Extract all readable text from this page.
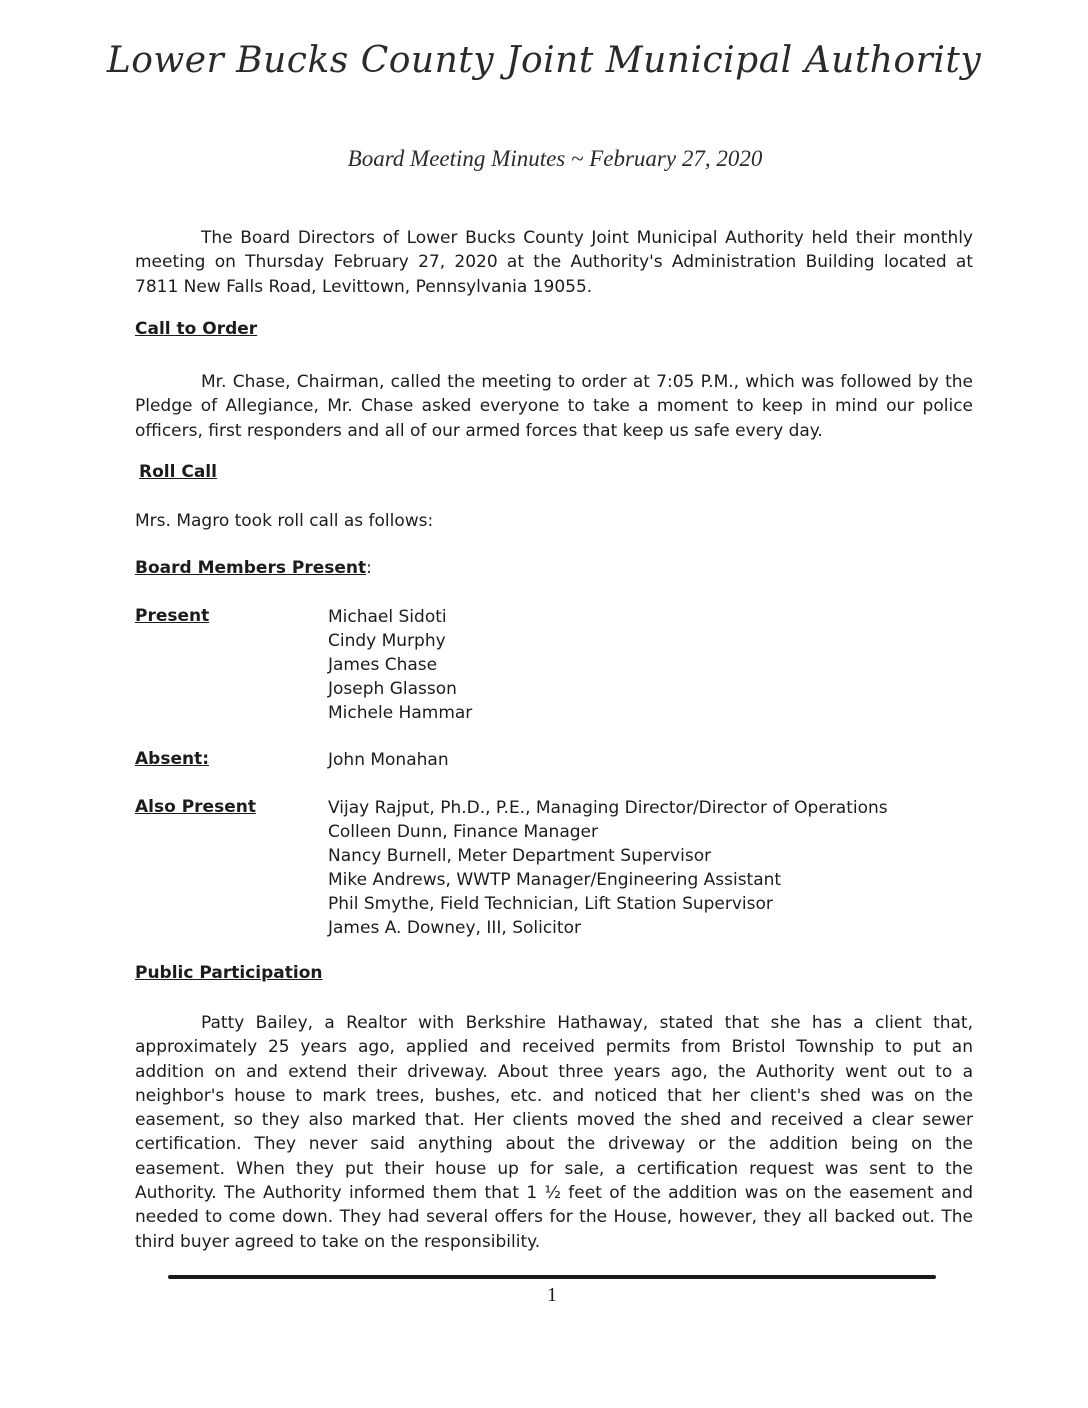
Lower Bucks County Joint Municipal Authority
Board Meeting Minutes ~ February 27, 2020

The Board Directors of Lower Bucks County Joint Municipal Authority held their monthly meeting on Thursday February 27, 2020 at the Authority's Administration Building located at 7811 New Falls Road, Levittown, Pennsylvania 19055.

Call to Order

Mr. Chase, Chairman, called the meeting to order at 7:05 P.M., which was followed by the Pledge of Allegiance, Mr. Chase asked everyone to take a moment to keep in mind our police officers, first responders and all of our armed forces that keep us safe every day.

Roll Call

Mrs. Magro took roll call as follows:
Board Members Present:
Present	Michael Sidoti
Cindy Murphy
James Chase
Joseph Glasson
Michele Hammar
Absent:	John Monahan
Also Present	Vijay Rajput, Ph.D., P.E., Managing Director/Director of Operations
Colleen Dunn, Finance Manager
Nancy Burnell, Meter Department Supervisor
Mike Andrews, WWTP Manager/Engineering Assistant
Phil Smythe, Field Technician, Lift Station Supervisor
James A. Downey, III, Solicitor

Public Participation

Patty Bailey, a Realtor with Berkshire Hathaway, stated that she has a client that, approximately 25 years ago, applied and received permits from Bristol Township to put an addition on and extend their driveway. About three years ago, the Authority went out to a neighbor's house to mark trees, bushes, etc. and noticed that her client's shed was on the easement, so they also marked that. Her clients moved the shed and received a clear sewer certification. They never said anything about the driveway or the addition being on the easement. When they put their house up for sale, a certification request was sent to the Authority. The Authority informed them that 1 ½ feet of the addition was on the easement and needed to come down. They had several offers for the House, however, they all backed out. The third buyer agreed to take on the responsibility.

1
